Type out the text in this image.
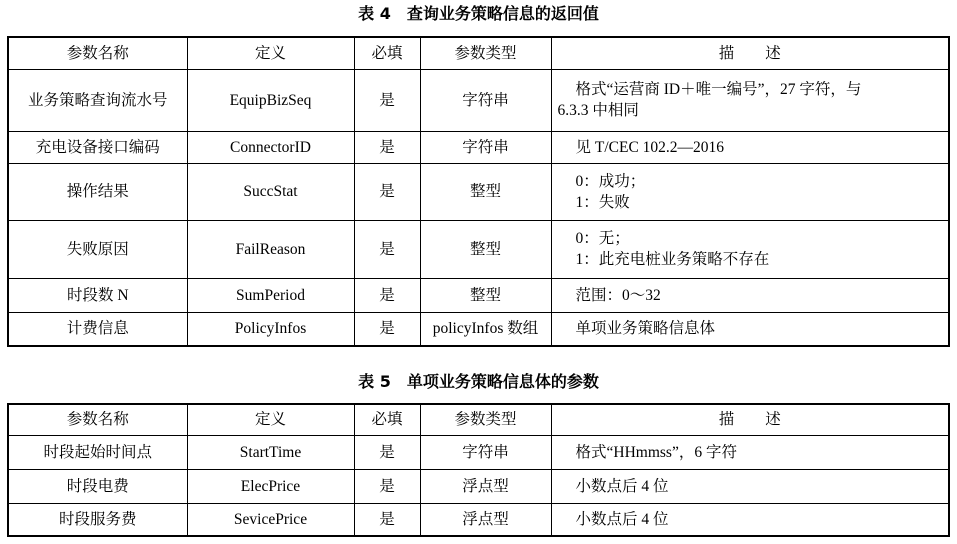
表 4　查询业务策略信息的返回值
参数名称	定义	必填	参数类型	描　　述
业务策略查询流水号	EquipBizSeq	是	字符串	格式“运营商 ID＋唯一编号”，27 字符，与
6.3.3 中相同

充电设备接口编码	ConnectorID	是	字符串	见 T/CEC 102.2—2016

操作结果	SuccStat	是	整型	0：成功；
1：失败

失败原因	FailReason	是	整型	0：无；
1：此充电桩业务策略不存在

时段数 N	SumPeriod	是	整型	范围：0～32

计费信息	PolicyInfos	是	policyInfos 数组	单项业务策略信息体
表 5　单项业务策略信息体的参数
参数名称	定义	必填	参数类型	描　　述
时段起始时间点	StartTime	是	字符串	格式“HHmmss”，6 字符

时段电费	ElecPrice	是	浮点型	小数点后 4 位

时段服务费	SevicePrice	是	浮点型	小数点后 4 位
